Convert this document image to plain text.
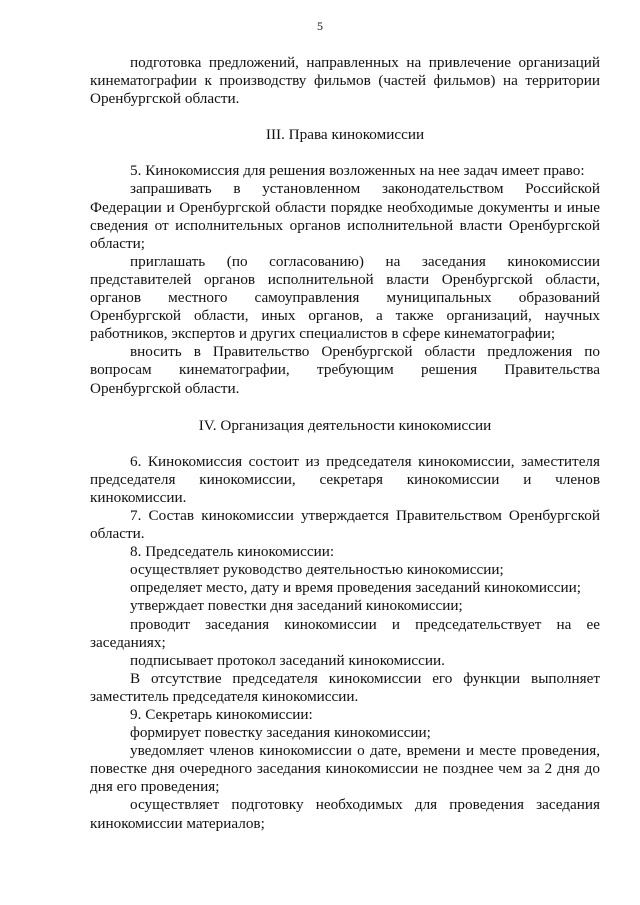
5

подготовка предложений, направленных на привлечение организаций кинематографии к производству фильмов (частей фильмов) на территории Оренбургской области.

III. Права кинокомиссии

5. Кинокомиссия для решения возложенных на нее задач имеет право:

запрашивать в установленном законодательством Российской Федерации и Оренбургской области порядке необходимые документы и иные сведения от исполнительных органов исполнительной власти Оренбургской области;

приглашать (по согласованию) на заседания кинокомиссии представителей органов исполнительной власти Оренбургской области, органов местного самоуправления муниципальных образований Оренбургской области, иных органов, а также организаций, научных работников, экспертов и других специалистов в сфере кинематографии;

вносить в Правительство Оренбургской области предложения по вопросам кинематографии, требующим решения Правительства Оренбургской области.

IV. Организация деятельности кинокомиссии

6. Кинокомиссия состоит из председателя кинокомиссии, заместителя председателя кинокомиссии, секретаря кинокомиссии и членов кинокомиссии.

7. Состав кинокомиссии утверждается Правительством Оренбургской области.

8. Председатель кинокомиссии:

осуществляет руководство деятельностью кинокомиссии;

определяет место, дату и время проведения заседаний кинокомиссии;

утверждает повестки дня заседаний кинокомиссии;

проводит заседания кинокомиссии и председательствует на ее заседаниях;

подписывает протокол заседаний кинокомиссии.

В отсутствие председателя кинокомиссии его функции выполняет заместитель председателя кинокомиссии.

9. Секретарь кинокомиссии:

формирует повестку заседания кинокомиссии;

уведомляет членов кинокомиссии о дате, времени и месте проведения, повестке дня очередного заседания кинокомиссии не позднее чем за 2 дня до дня его проведения;

осуществляет подготовку необходимых для проведения заседания кинокомиссии материалов;
